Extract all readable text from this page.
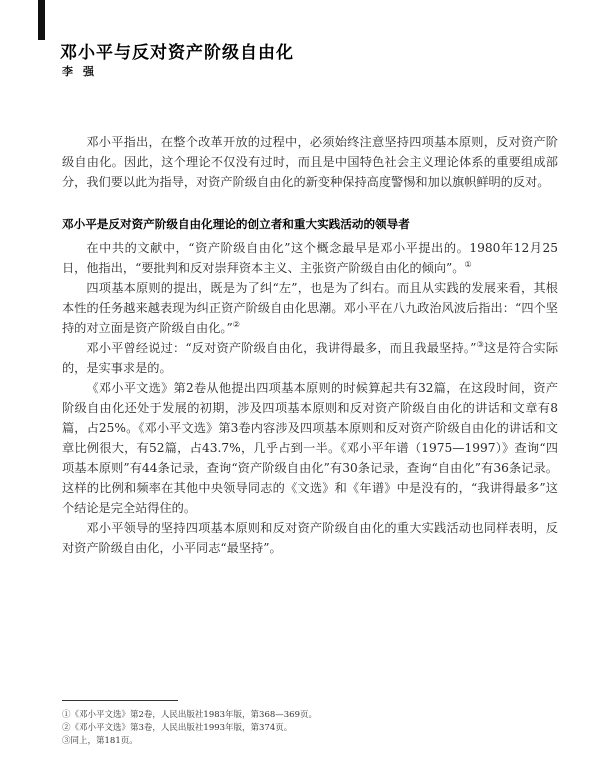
邓小平与反对资产阶级自由化
李强

邓小平指出，在整个改革开放的过程中，必须始终注意坚持四项基本原则，反对资产阶级自由化。因此，这个理论不仅没有过时，而且是中国特色社会主义理论体系的重要组成部分，我们要以此为指导，对资产阶级自由化的新变种保持高度警惕和加以旗帜鲜明的反对。

邓小平是反对资产阶级自由化理论的创立者和重大实践活动的领导者

在中共的文献中，“资产阶级自由化”这个概念最早是邓小平提出的。1980年12月25日，他指出，“要批判和反对崇拜资本主义、主张资产阶级自由化的倾向”。①

四项基本原则的提出，既是为了纠“左”，也是为了纠右。而且从实践的发展来看，其根本性的任务越来越表现为纠正资产阶级自由化思潮。邓小平在八九政治风波后指出：“四个坚持的对立面是资产阶级自由化。”②

邓小平曾经说过：“反对资产阶级自由化，我讲得最多，而且我最坚持。”③这是符合实际的，是实事求是的。

《邓小平文选》第2卷从他提出四项基本原则的时候算起共有32篇，在这段时间，资产阶级自由化还处于发展的初期，涉及四项基本原则和反对资产阶级自由化的讲话和文章有8篇，占25%。《邓小平文选》第3卷内容涉及四项基本原则和反对资产阶级自由化的讲话和文章比例很大，有52篇，占43.7%，几乎占到一半。《邓小平年谱（1975—1997）》查询“四项基本原则”有44条记录，查询“资产阶级自由化”有30条记录，查询“自由化”有36条记录。这样的比例和频率在其他中央领导同志的《文选》和《年谱》中是没有的，“我讲得最多”这个结论是完全站得住的。

邓小平领导的坚持四项基本原则和反对资产阶级自由化的重大实践活动也同样表明，反对资产阶级自由化，小平同志“最坚持”。

①《邓小平文选》第2卷，人民出版社1983年版，第368—369页。
②《邓小平文选》第3卷，人民出版社1993年版，第374页。
③同上，第181页。
